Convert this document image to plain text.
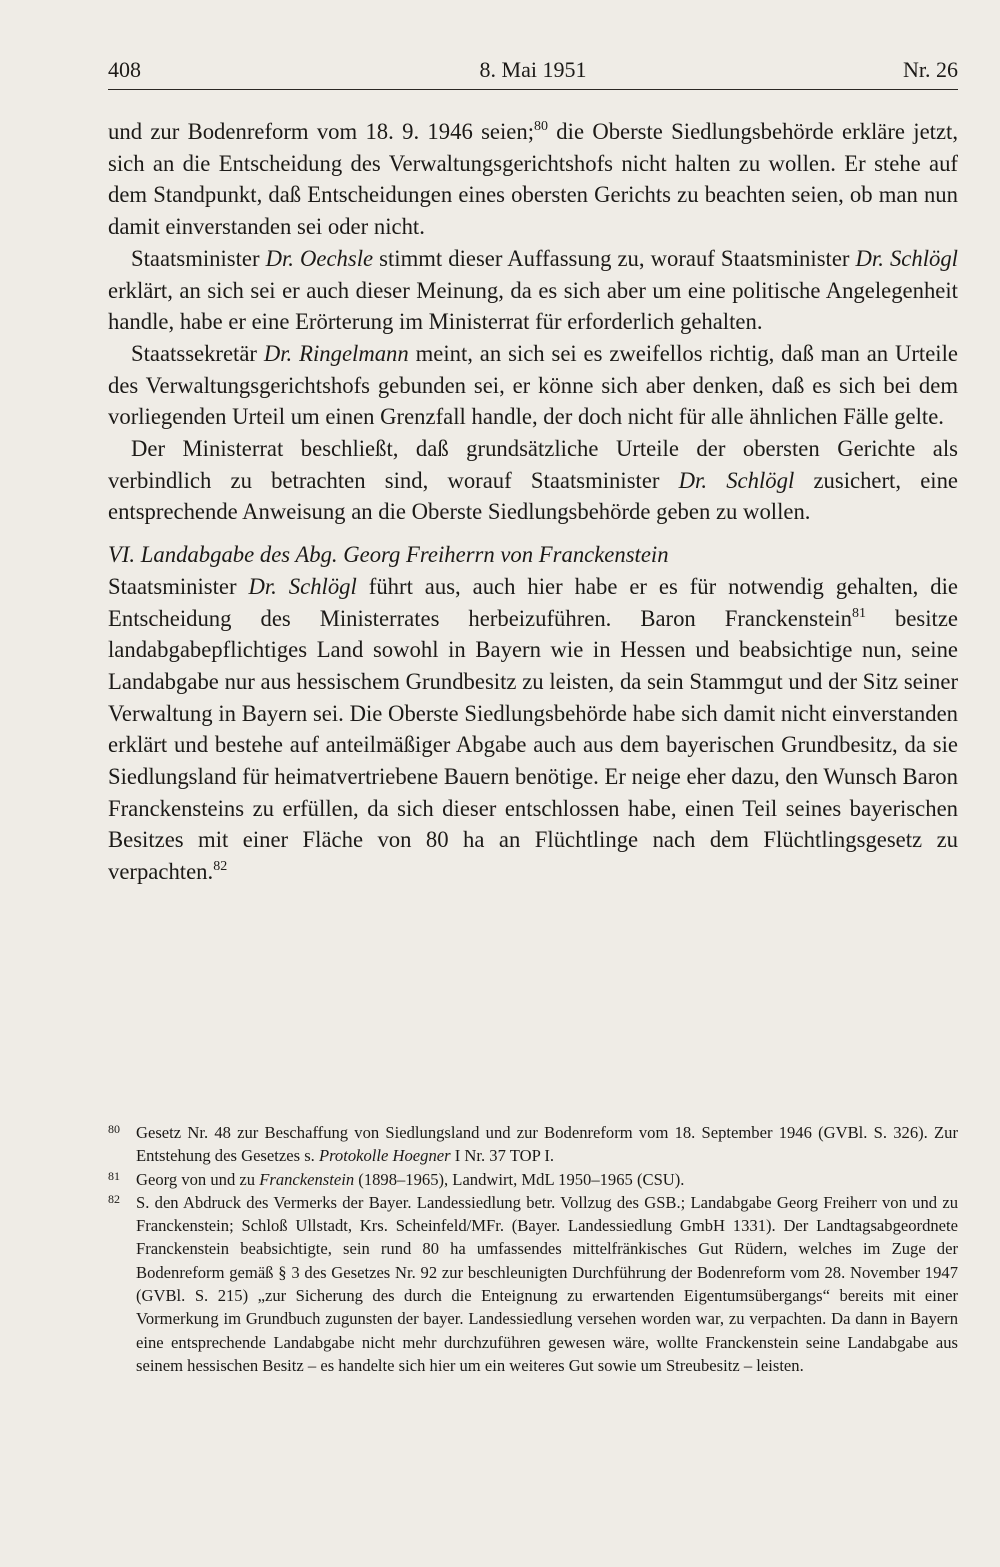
408	8. Mai 1951	Nr. 26

und zur Bodenreform vom 18. 9. 1946 seien;$^{80}$ die Oberste Siedlungsbehörde erkläre jetzt, sich an die Entscheidung des Verwaltungsgerichtshofs nicht halten zu wollen. Er stehe auf dem Standpunkt, daß Entscheidungen eines obersten Gerichts zu beachten seien, ob man nun damit einverstanden sei oder nicht.

Staatsminister Dr. Oechsle stimmt dieser Auffassung zu, worauf Staatsminister Dr. Schlögl erklärt, an sich sei er auch dieser Meinung, da es sich aber um eine politische Angelegenheit handle, habe er eine Erörterung im Ministerrat für erforderlich gehalten.

Staatssekretär Dr. Ringelmann meint, an sich sei es zweifellos richtig, daß man an Urteile des Verwaltungsgerichtshofs gebunden sei, er könne sich aber denken, daß es sich bei dem vorliegenden Urteil um einen Grenzfall handle, der doch nicht für alle ähnlichen Fälle gelte.

Der Ministerrat beschließt, daß grundsätzliche Urteile der obersten Gerichte als verbindlich zu betrachten sind, worauf Staatsminister Dr. Schlögl zusichert, eine entsprechende Anweisung an die Oberste Siedlungsbehörde geben zu wollen.

VI. Landabgabe des Abg. Georg Freiherrn von Franckenstein

Staatsminister Dr. Schlögl führt aus, auch hier habe er es für notwendig gehalten, die Entscheidung des Ministerrates herbeizuführen. Baron Franckenstein$^{81}$ besitze landabgabepflichtiges Land sowohl in Bayern wie in Hessen und beabsichtige nun, seine Landabgabe nur aus hessischem Grundbesitz zu leisten, da sein Stammgut und der Sitz seiner Verwaltung in Bayern sei. Die Oberste Siedlungsbehörde habe sich damit nicht einverstanden erklärt und bestehe auf anteilmäßiger Abgabe auch aus dem bayerischen Grundbesitz, da sie Siedlungsland für heimatvertriebene Bauern benötige. Er neige eher dazu, den Wunsch Baron Franckensteins zu erfüllen, da sich dieser entschlossen habe, einen Teil seines bayerischen Besitzes mit einer Fläche von 80 ha an Flüchtlinge nach dem Flüchtlingsgesetz zu verpachten.$^{82}$

80 Gesetz Nr. 48 zur Beschaffung von Siedlungsland und zur Bodenreform vom 18. September 1946 (GVBl. S. 326). Zur Entstehung des Gesetzes s. Protokolle Hoegner I Nr. 37 TOP I.
81 Georg von und zu Franckenstein (1898–1965), Landwirt, MdL 1950–1965 (CSU).
82 S. den Abdruck des Vermerks der Bayer. Landessiedlung betr. Vollzug des GSB.; Landabgabe Georg Freiherr von und zu Franckenstein; Schloß Ullstadt, Krs. Scheinfeld/MFr. (Bayer. Landessiedlung GmbH 1331). Der Landtagsabgeordnete Franckenstein beabsichtigte, sein rund 80 ha umfassendes mittelfränkisches Gut Rüdern, welches im Zuge der Bodenreform gemäß § 3 des Gesetzes Nr. 92 zur beschleunigten Durchführung der Bodenreform vom 28. November 1947 (GVBl. S. 215) „zur Sicherung des durch die Enteignung zu erwartenden Eigentumsübergangs“ bereits mit einer Vormerkung im Grundbuch zugunsten der bayer. Landessiedlung versehen worden war, zu verpachten. Da dann in Bayern eine entsprechende Landabgabe nicht mehr durchzuführen gewesen wäre, wollte Franckenstein seine Landabgabe aus seinem hessischen Besitz – es handelte sich hier um ein weiteres Gut sowie um Streubesitz – leisten.
